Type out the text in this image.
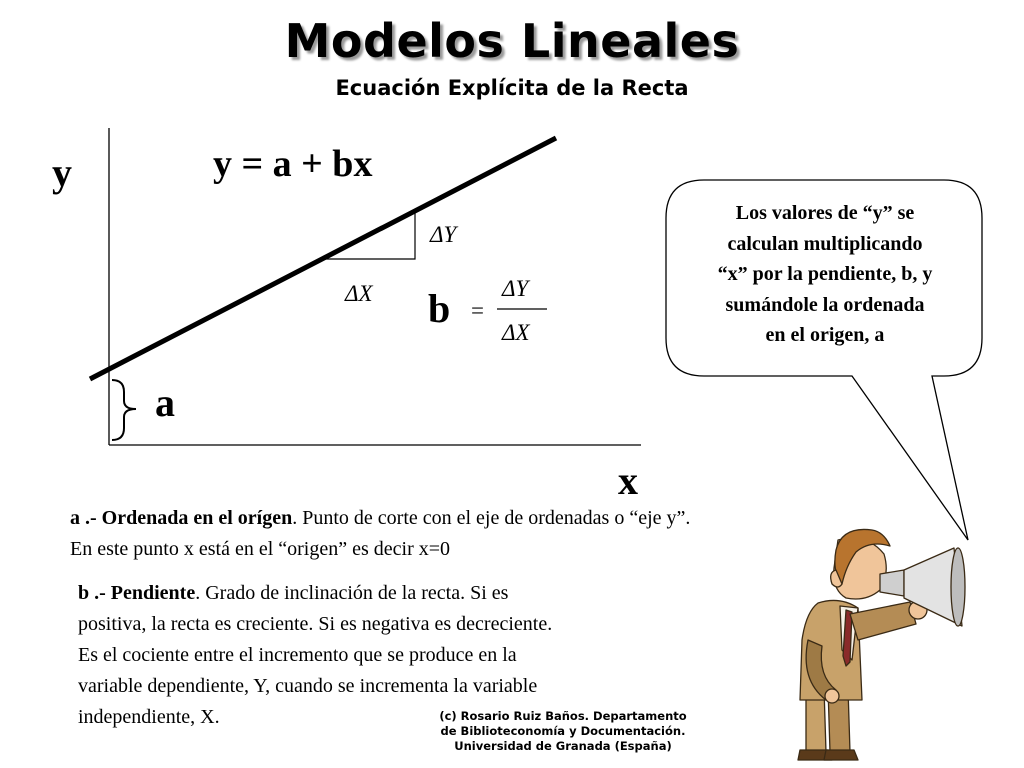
Modelos Lineales
Ecuación Explícita de la Recta
y
x
y = a + bx
ΔY
ΔX b =
ΔY
ΔX
a
Los valores de “y” se
calculan multiplicando
“x” por la pendiente, b, y
sumándole la ordenada
en el origen, a
a .- Ordenada en el orígen. Punto de corte con el eje de ordenadas o “eje y”.
En este punto x está en el “origen” es decir x=0
b .- Pendiente. Grado de inclinación de la recta. Si es
positiva, la recta es creciente. Si es negativa es decreciente.
Es el cociente entre el incremento que se produce en la
variable dependiente, Y, cuando se incrementa la variable
independiente, X.	(c) Rosario Ruiz Baños. Departamento
de Biblioteconomía y Documentación.
Universidad de Granada (España)
